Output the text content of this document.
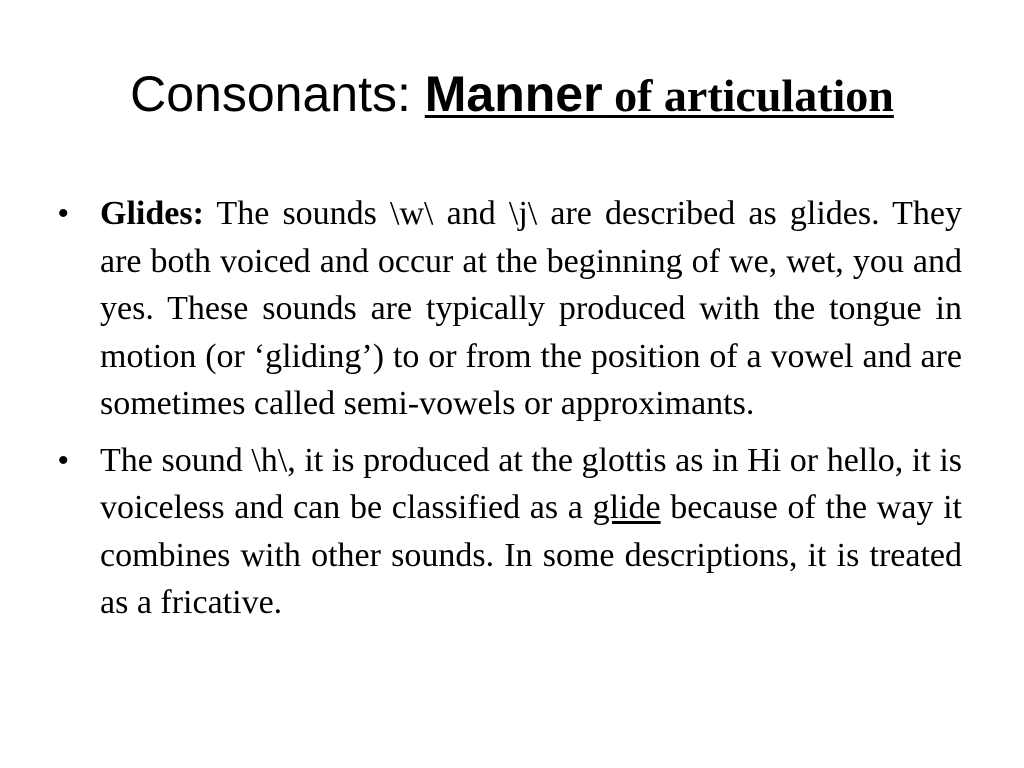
Consonants: Manner of articulation
• Glides: The sounds \w\ and \j\ are described as glides. They are both voiced and occur at the beginning of we, wet, you and yes. These sounds are typically produced with the tongue in motion (or ‘gliding’) to or from the position of a vowel and are sometimes called semi-vowels or approximants.
• The sound \h\, it is produced at the glottis as in Hi or hello, it is voiceless and can be classified as a glide because of the way it combines with other sounds. In some descriptions, it is treated as a fricative.
